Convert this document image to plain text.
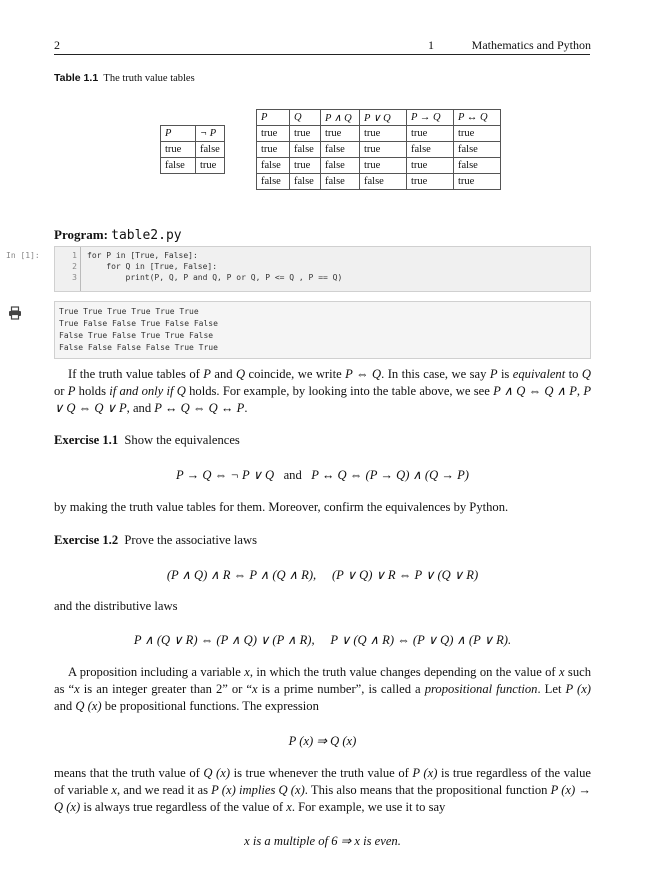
2	1	Mathematics and Python
Table 1.1 The truth value tables
P	¬ P
true	false
false	true
P	Q	P ∧ Q	P ∨ Q	P → Q	P ↔ Q
true	true	true	true	true	true
true	false	false	true	false	false
false	true	false	true	true	false
false	false	false	false	true	true
Program: table2.py
In [1]:	1
2
3
for P in [True, False]:
for Q in [True, False]:
print(P, Q, P and Q, P or Q, P <= Q , P == Q)
True True True True True True
True False False True False False
False True False True True False
False False False False True True
If the truth value tables of P and Q coincide, we write P ⇔ Q. In this case, we say P is equivalent to Q or P holds if and only if Q holds. For example, by looking into the table above, we see P ∧ Q ⇔ Q ∧ P, P ∨ Q ⇔ Q ∨ P, and P ↔ Q ⇔ Q ↔ P.
Exercise 1.1 Show the equivalences
P → Q ⇔ ¬ P ∨ Q and P ↔ Q ⇔ (P → Q) ∧ (Q → P)
by making the truth value tables for them. Moreover, confirm the equivalences by Python.
Exercise 1.2 Prove the associative laws
(P ∧ Q) ∧ R ⇔ P ∧ (Q ∧ R), (P ∨ Q) ∨ R ⇔ P ∨ (Q ∨ R)
and the distributive laws
P ∧ (Q ∨ R) ⇔ (P ∧ Q) ∨ (P ∧ R), P ∨ (Q ∧ R) ⇔ (P ∨ Q) ∧ (P ∨ R).
A proposition including a variable x, in which the truth value changes depending on the value of x such as “x is an integer greater than 2” or “x is a prime number”, is called a propositional function. Let P (x) and Q (x) be propositional functions. The expression
P (x) ⇒ Q (x)
means that the truth value of Q (x) is true whenever the truth value of P (x) is true regardless of the value of variable x, and we read it as P (x) implies Q (x). This also means that the propositional function P (x) → Q (x) is always true regardless of the value of x. For example, we use it to say
x is a multiple of 6 ⇒ x is even.
